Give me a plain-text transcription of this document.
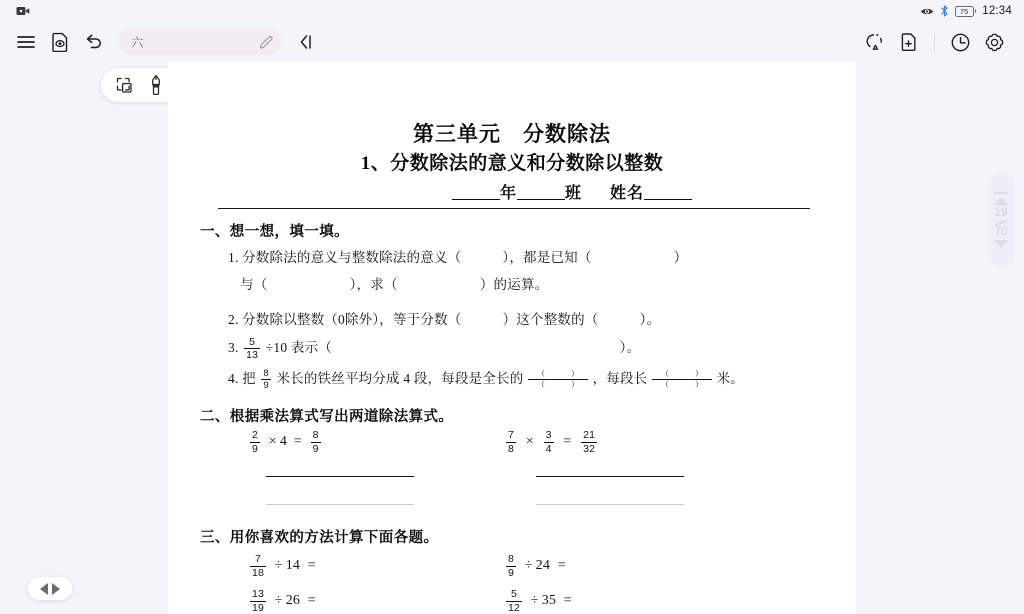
75	12:34
六
第三单元　分数除法
1、分数除法的意义和分数除以整数
年	班 姓名
一、想一想，填一填。
1. 分数除法的意义与整数除法的意义（　　　），都是已知（　　　　　　）
与（　　　　　　），求（　　　　　　）的运算。
2. 分数除以整数（0除外），等于分数（　　　）这个整数的（　　　）。
3. $\frac{5}{13} \div 10$ 表示（　　　　　　　　　　　　　　　　　　　　　）。
4. 把 $\frac{8}{9}$ 米长的铁丝平均分成 4 段，每段是全长的	（　）
（　） ，每段长	（　）
（　） 米。
二、根据乘法算式写出两道除法算式。
$\frac{2}{9} \times 4 = \frac{8}{9}$	$\frac{7}{8} \times \frac{3}{4} = \frac{21}{32}$
三、用你喜欢的方法计算下面各题。
$\frac{7}{18} \div 14$ =	$\frac{8}{9} \div 24$ =
$\frac{13}{19} \div 26$ =	$\frac{5}{12} \div 35$ =
19
70
